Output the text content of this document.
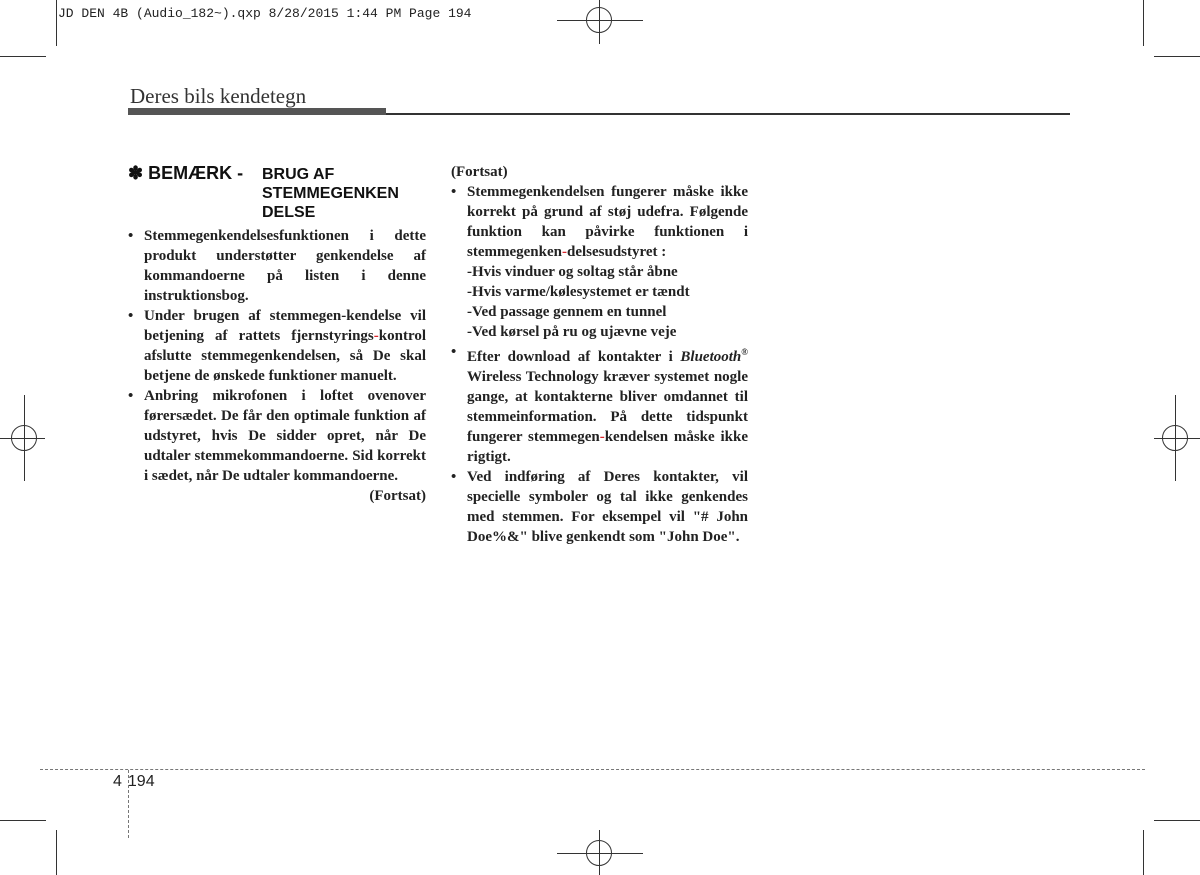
JD DEN 4B (Audio_182~).qxp 8/28/2015 1:44 PM Page 194
Deres bils kendetegn
✽ BEMÆRK - BRUG AF STEMMEGENKEN DELSE
• Stemmegenkendelsesfunktionen i dette produkt understøtter genkendelse af kommandoerne på listen i denne instruktionsbog.
• Under brugen af stemmegen-kendelse vil betjening af rattets fjernstyrings-kontrol afslutte stemmegenkendelsen, så De skal betjene de ønskede funktioner manuelt.
• Anbring mikrofonen i loftet ovenover førersædet. De får den optimale funktion af udstyret, hvis De sidder opret, når De udtaler stemmekommandoerne. Sid korrekt i sædet, når De udtaler kommandoerne.
(Fortsat)
(Fortsat)
• Stemmegenkendelsen fungerer måske ikke korrekt på grund af støj udefra. Følgende funktion kan påvirke funktionen i stemmegenken-delsesudstyret :
-Hvis vinduer og soltag står åbne
-Hvis varme/kølesystemet er tændt
-Ved passage gennem en tunnel
-Ved kørsel på ru og ujævne veje
• Efter download af kontakter i Bluetooth® Wireless Technology kræver systemet nogle gange, at kontakterne bliver omdannet til stemmeinformation. På dette tidspunkt fungerer stemmegen-kendelsen måske ikke rigtigt.
• Ved indføring af Deres kontakter, vil specielle symboler og tal ikke genkendes med stemmen. For eksempel vil "# John Doe%&" blive genkendt som "John Doe".
4 194
